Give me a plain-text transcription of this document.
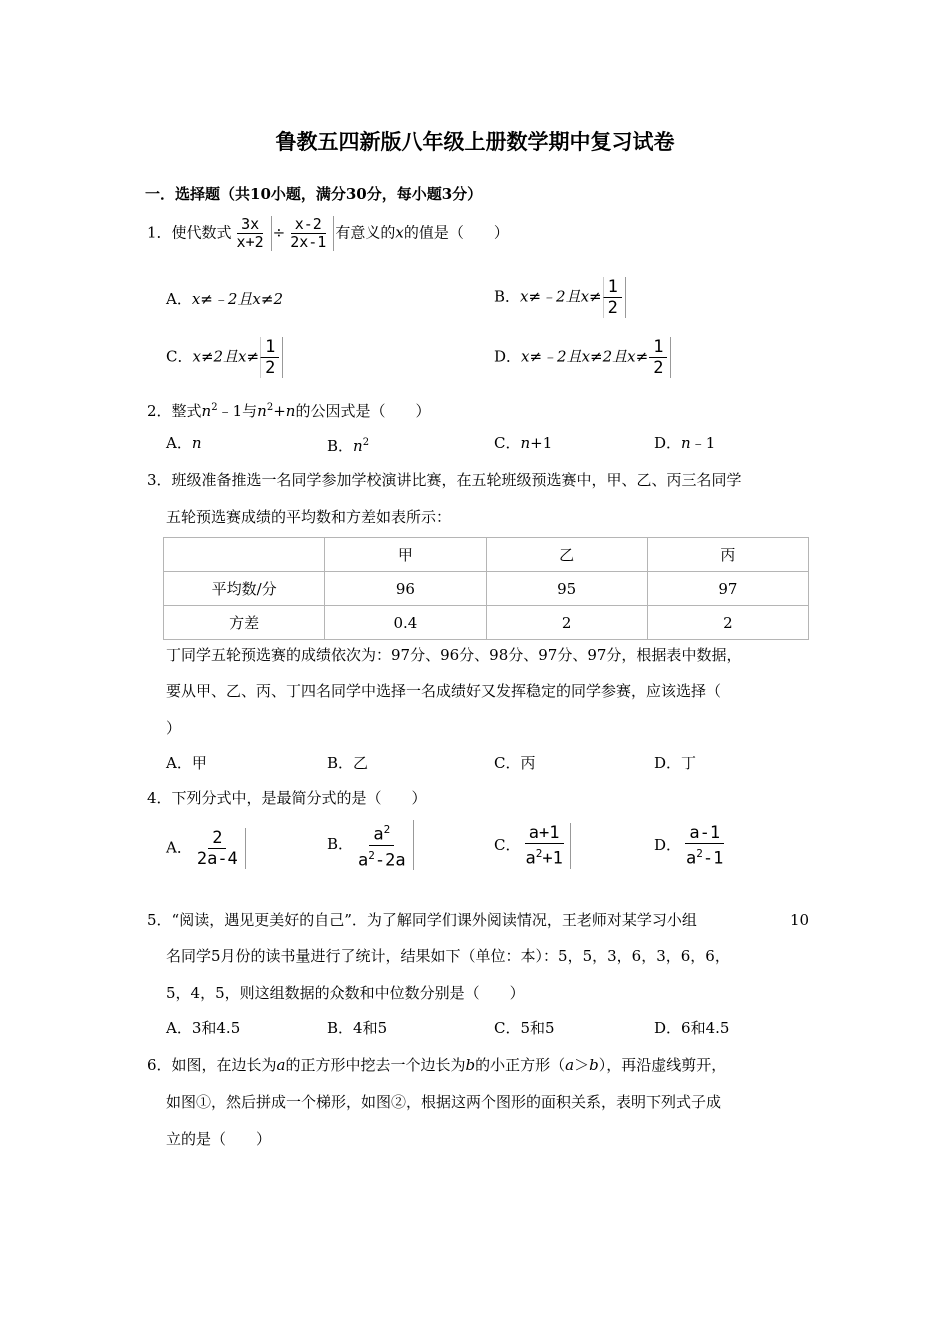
鲁教五四新版八年级上册数学期中复习试卷
一．选择题（共10小题，满分30分，每小题3分）
1．使代数式 $\frac{3x}{x+2} \div \frac{x-2}{2x-1}$ 有意义的x的值是（　　）
A．x≠﹣2且x≠2	B．x≠﹣2且$x\ne \frac{1}{2}$
C．x≠2且$x\ne \frac{1}{2}$	D．x≠﹣2且x≠2且$x\ne \frac{1}{2}$
2．整式$n^2﹣1$与$n^2+n$的公因式是（　　）
A．n	B．$n^2$	C．n+1	D．n﹣1
3．班级准备推选一名同学参加学校演讲比赛，在五轮班级预选赛中，甲、乙、丙三名同学
五轮预选赛成绩的平均数和方差如表所示：
	甲	乙	丙
平均数/分	96	95	97
方差	0.4	2	2
丁同学五轮预选赛的成绩依次为：97分、96分、98分、97分、97分，根据表中数据，
要从甲、乙、丙、丁四名同学中选择一名成绩好又发挥稳定的同学参赛，应该选择（
）
A．甲	B．乙	C．丙	D．丁
4．下列分式中，是最简分式的是（　　）
A． $\frac{2}{2a-4}$	B． $\frac{a^2}{a^2-2a}$	C． $\frac{a+1}{a^2+1}$	D． $\frac{a-1}{a^2-1}$
5．“阅读，遇见更美好的自己”．为了解同学们课外阅读情况，王老师对某学习小组	10
名同学5月份的读书量进行了统计，结果如下（单位：本）：5，5，3，6，3，6，6，
5，4，5，则这组数据的众数和中位数分别是（　　）
A．3和4.5	B．4和5	C．5和5	D．6和4.5
6．如图，在边长为a的正方形中挖去一个边长为b的小正方形（a＞b），再沿虚线剪开，
如图①，然后拼成一个梯形，如图②，根据这两个图形的面积关系，表明下列式子成
立的是（　　）
